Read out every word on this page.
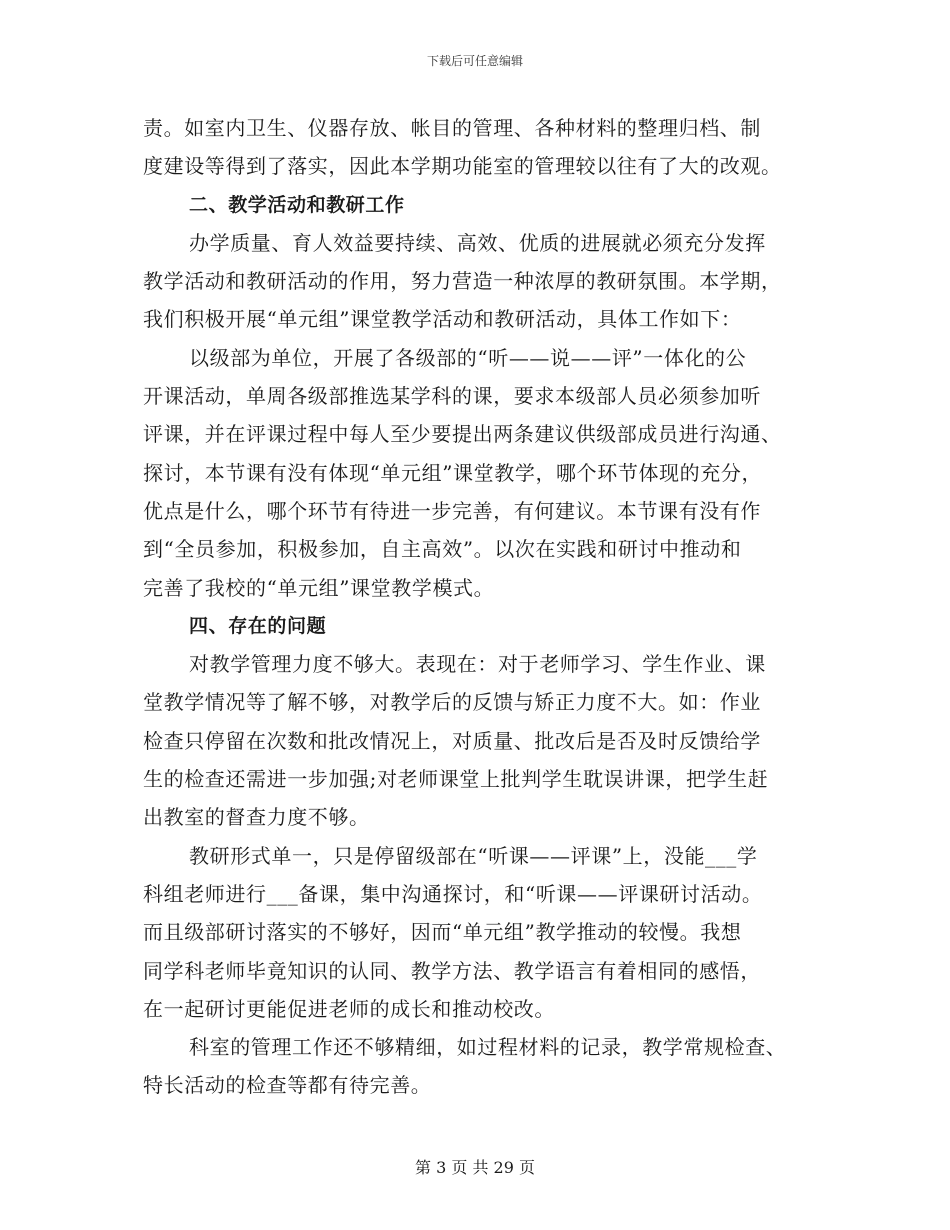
下载后可任意编辑
责。如室内卫生、仪器存放、帐目的管理、各种材料的整理归档、制
度建设等得到了落实，因此本学期功能室的管理较以往有了大的改观。
二、教学活动和教研工作
办学质量、育人效益要持续、高效、优质的进展就必须充分发挥
教学活动和教研活动的作用，努力营造一种浓厚的教研氛围。本学期，
我们积极开展“单元组”课堂教学活动和教研活动，具体工作如下：
以级部为单位，开展了各级部的“听——说——评”一体化的公
开课活动，单周各级部推选某学科的课，要求本级部人员必须参加听
评课，并在评课过程中每人至少要提出两条建议供级部成员进行沟通、
探讨，本节课有没有体现“单元组”课堂教学，哪个环节体现的充分，
优点是什么，哪个环节有待进一步完善，有何建议。本节课有没有作
到“全员参加，积极参加，自主高效”。以次在实践和研讨中推动和
完善了我校的“单元组”课堂教学模式。
四、存在的问题
对教学管理力度不够大。表现在：对于老师学习、学生作业、课
堂教学情况等了解不够，对教学后的反馈与矫正力度不大。如：作业
检查只停留在次数和批改情况上，对质量、批改后是否及时反馈给学
生的检查还需进一步加强;对老师课堂上批判学生耽误讲课，把学生赶
出教室的督查力度不够。
教研形式单一，只是停留级部在“听课——评课”上，没能___学
科组老师进行___备课，集中沟通探讨，和“听课——评课研讨活动。
而且级部研讨落实的不够好，因而“单元组”教学推动的较慢。我想
同学科老师毕竟知识的认同、教学方法、教学语言有着相同的感悟，
在一起研讨更能促进老师的成长和推动校改。
科室的管理工作还不够精细，如过程材料的记录，教学常规检查、
特长活动的检查等都有待完善。
第 3 页 共 29 页
